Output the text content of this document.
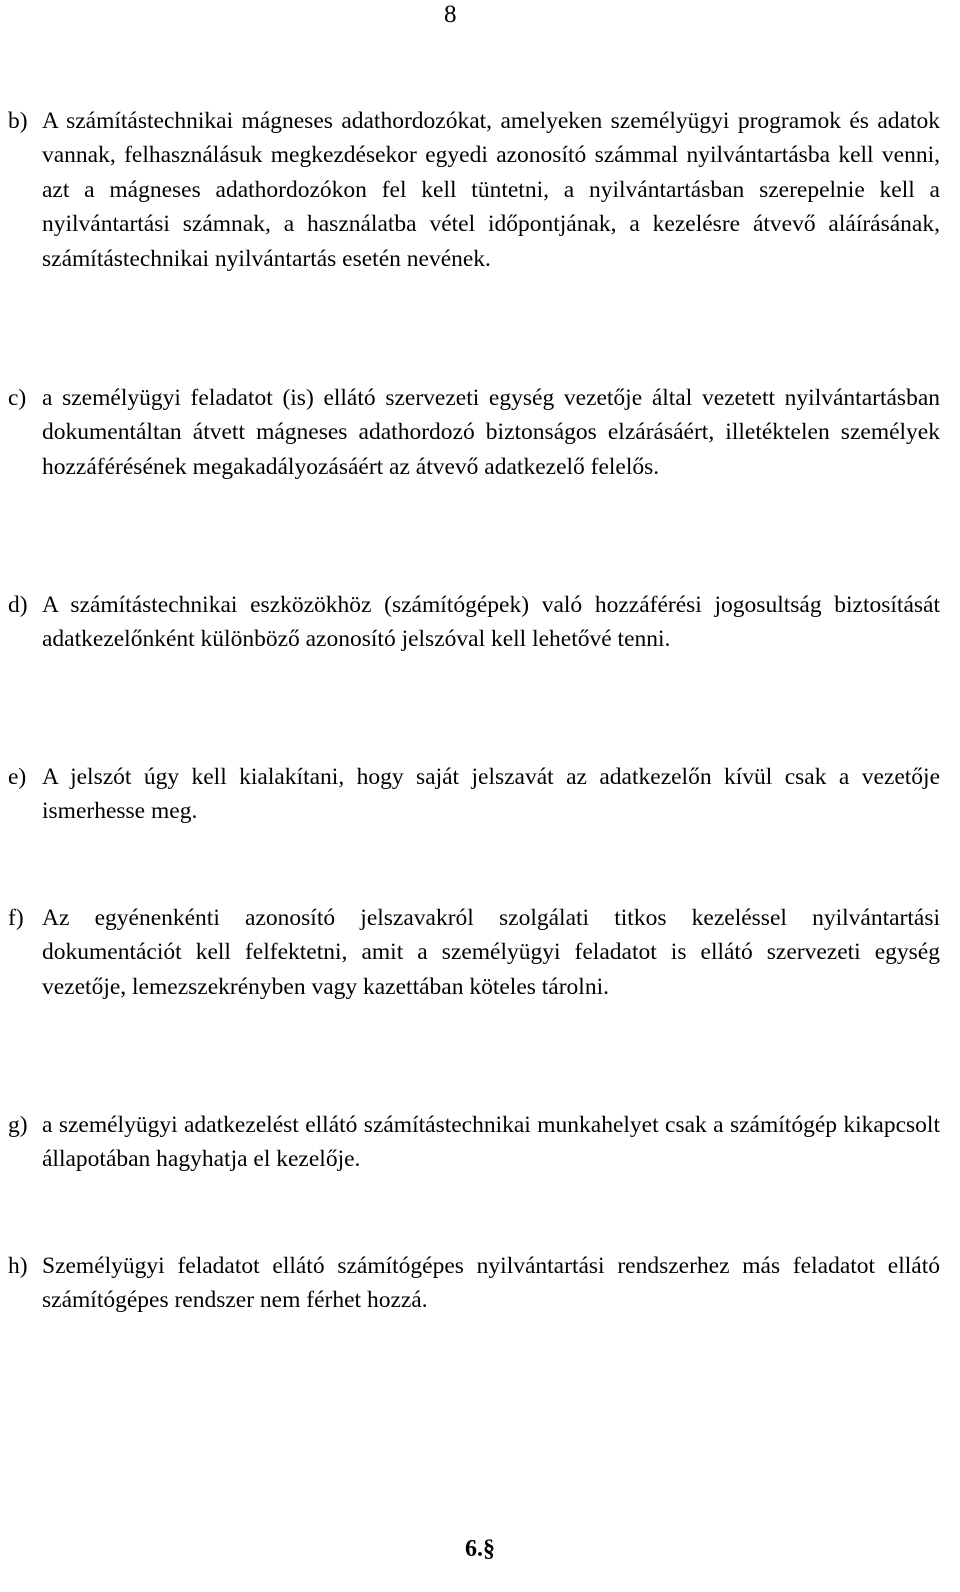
8
b) A számítástechnikai mágneses adathordozókat, amelyeken személyügyi programok és adatok vannak, felhasználásuk megkezdésekor egyedi azonosító számmal nyilvántartásba kell venni, azt a mágneses adathordozókon fel kell tüntetni, a nyilvántartásban szerepelnie kell a nyilvántartási számnak, a használatba vétel időpontjának, a kezelésre átvevő aláírásának, számítástechnikai nyilvántartás esetén nevének.
c) a személyügyi feladatot (is) ellátó szervezeti egység vezetője által vezetett nyilvántartásban dokumentáltan átvett mágneses adathordozó biztonságos elzárásáért, illetéktelen személyek hozzáférésének megakadályozásáért az átvevő adatkezelő felelős.
d) A számítástechnikai eszközökhöz (számítógépek) való hozzáférési jogosultság biztosítását adatkezelőnként különböző azonosító jelszóval kell lehetővé tenni.
e) A jelszót úgy kell kialakítani, hogy saját jelszavát az adatkezelőn kívül csak a vezetője ismerhesse meg.
f) Az egyénenkénti azonosító jelszavakról szolgálati titkos kezeléssel nyilvántartási dokumentációt kell felfektetni, amit a személyügyi feladatot is ellátó szervezeti egység vezetője, lemezszekrényben vagy kazettában köteles tárolni.
g) a személyügyi adatkezelést ellátó számítástechnikai munkahelyet csak a számítógép kikapcsolt állapotában hagyhatja el kezelője.
h) Személyügyi feladatot ellátó számítógépes nyilvántartási rendszerhez más feladatot ellátó számítógépes rendszer nem férhet hozzá.
6.§
